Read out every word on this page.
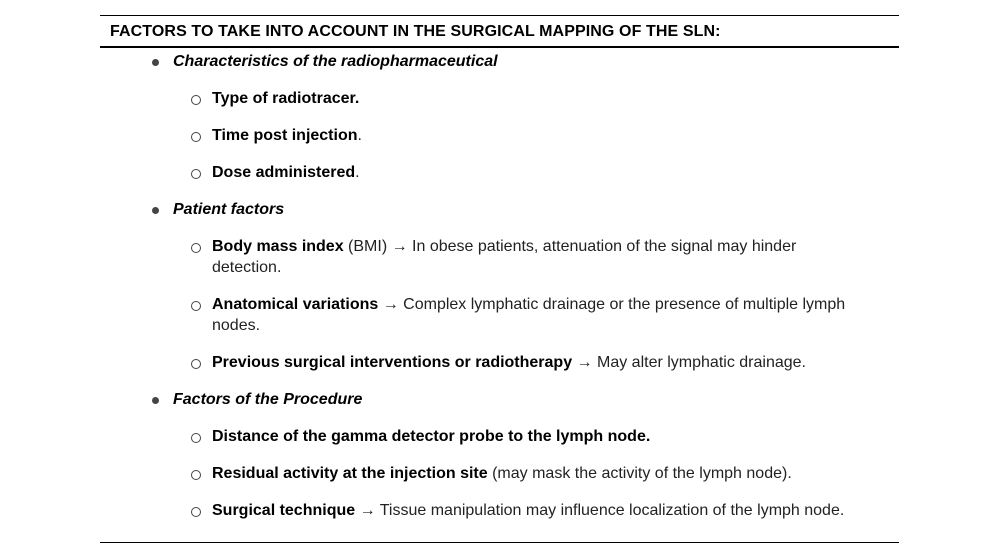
FACTORS TO TAKE INTO ACCOUNT IN THE SURGICAL MAPPING OF THE SLN:
Characteristics of the radiopharmaceutical
Type of radiotracer.
Time post injection.
Dose administered.
Patient factors
Body mass index (BMI) → In obese patients, attenuation of the signal may hinder detection.
Anatomical variations → Complex lymphatic drainage or the presence of multiple lymph nodes.
Previous surgical interventions or radiotherapy → May alter lymphatic drainage.
Factors of the Procedure
Distance of the gamma detector probe to the lymph node.
Residual activity at the injection site (may mask the activity of the lymph node).
Surgical technique → Tissue manipulation may influence localization of the lymph node.
